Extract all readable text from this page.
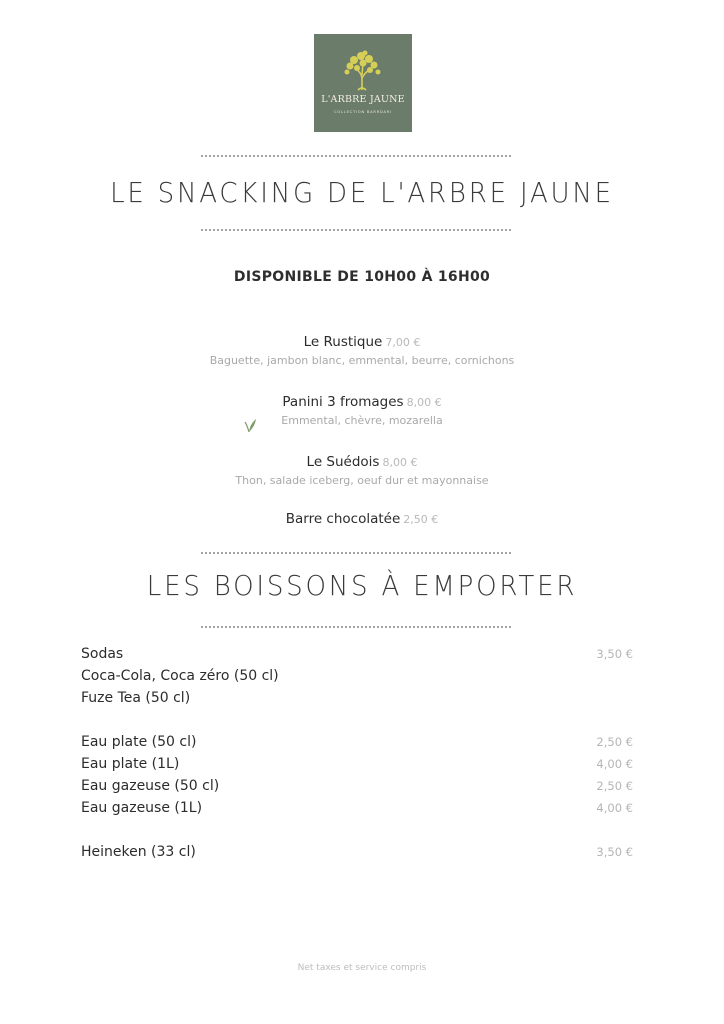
L'ARBRE JAUNE
COLLECTION BARRDARI
LE SNACKING DE L'ARBRE JAUNE
DISPONIBLE DE 10H00 À 16H00
Le Rustique 7,00 €
Baguette, jambon blanc, emmental, beurre, cornichons
Panini 3 fromages 8,00 €
Emmental, chèvre, mozarella
Le Suédois 8,00 €
Thon, salade iceberg, oeuf dur et mayonnaise
Barre chocolatée 2,50 €
LES BOISSONS À EMPORTER
Sodas	3,50 €
Coca-Cola, Coca zéro (50 cl)
Fuze Tea (50 cl)
Eau plate (50 cl)	2,50 €
Eau plate (1L)	4,00 €
Eau gazeuse (50 cl)	2,50 €
Eau gazeuse (1L)	4,00 €
Heineken (33 cl)	3,50 €
Net taxes et service compris
